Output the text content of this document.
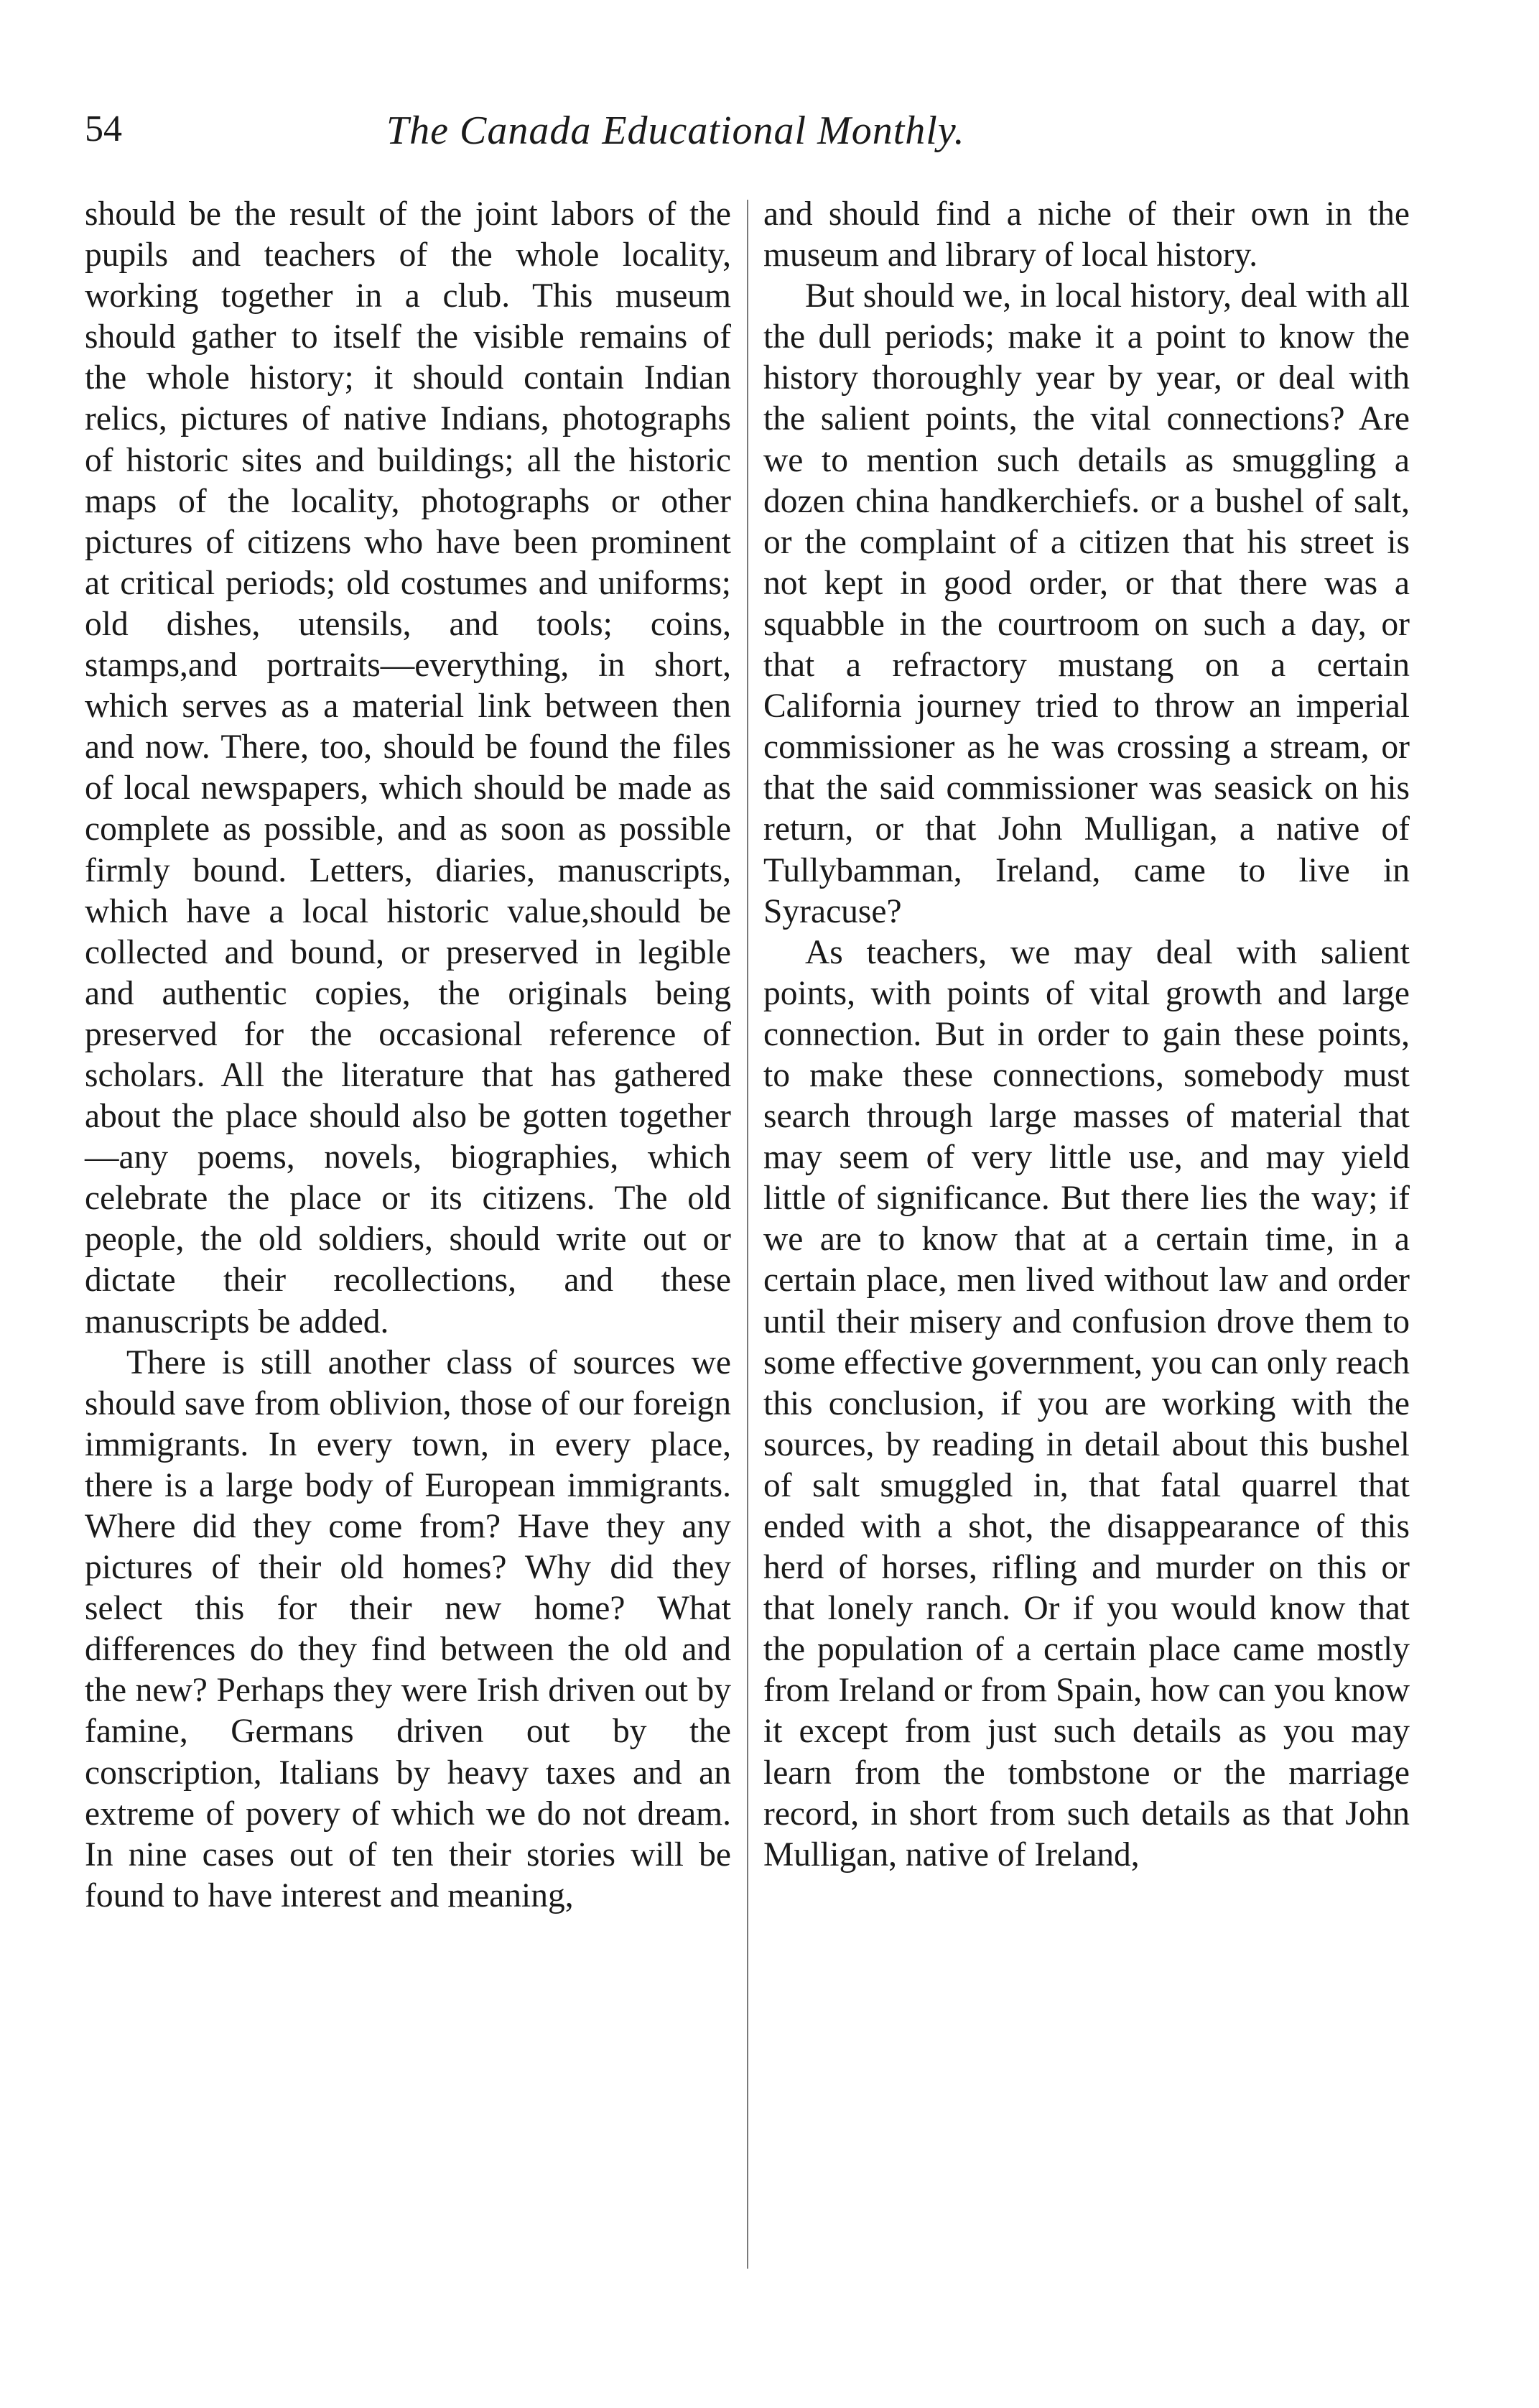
54	The Canada Educational Monthly.

should be the result of the joint labors of the pupils and teachers of the whole locality, working together in a club. This museum should gather to itself the visible remains of the whole history; it should contain Indian relics, pictures of native Indians, photographs of historic sites and buildings; all the historic maps of the locality, photographs or other pictures of citizens who have been prominent at critical periods; old costumes and uniforms; old dishes, utensils, and tools; coins, stamps,and portraits—everything, in short, which serves as a material link between then and now. There, too, should be found the files of local newspapers, which should be made as complete as possible, and as soon as possible firmly bound. Letters, diaries, manuscripts, which have a local historic value,should be collected and bound, or preserved in legible and authentic copies, the originals being preserved for the occasional reference of scholars. All the literature that has gathered about the place should also be gotten together—any poems, novels, biographies, which celebrate the place or its citizens. The old people, the old soldiers, should write out or dictate their recollections, and these manuscripts be added.

There is still another class of sources we should save from oblivion, those of our foreign immigrants. In every town, in every place, there is a large body of European immigrants. Where did they come from? Have they any pictures of their old homes? Why did they select this for their new home? What differences do they find between the old and the new? Perhaps they were Irish driven out by famine, Germans driven out by the conscription, Italians by heavy taxes and an extreme of povery of which we do not dream. In nine cases out of ten their stories will be found to have interest and meaning,

and should find a niche of their own in the museum and library of local history.

But should we, in local history, deal with all the dull periods; make it a point to know the history thoroughly year by year, or deal with the salient points, the vital connections? Are we to mention such details as smuggling a dozen china handkerchiefs. or a bushel of salt, or the complaint of a citizen that his street is not kept in good order, or that there was a squabble in the courtroom on such a day, or that a refractory mustang on a certain California journey tried to throw an imperial commissioner as he was crossing a stream, or that the said commissioner was seasick on his return, or that John Mulligan, a native of Tullybamman, Ireland, came to live in Syracuse?

As teachers, we may deal with salient points, with points of vital growth and large connection. But in order to gain these points, to make these connections, somebody must search through large masses of material that may seem of very little use, and may yield little of significance. But there lies the way; if we are to know that at a certain time, in a certain place, men lived without law and order until their misery and confusion drove them to some effective government, you can only reach this conclusion, if you are working with the sources, by reading in detail about this bushel of salt smuggled in, that fatal quarrel that ended with a shot, the disappearance of this herd of horses, rifling and murder on this or that lonely ranch. Or if you would know that the population of a certain place came mostly from Ireland or from Spain, how can you know it except from just such details as you may learn from the tombstone or the marriage record, in short from such details as that John Mulligan, native of Ireland,
